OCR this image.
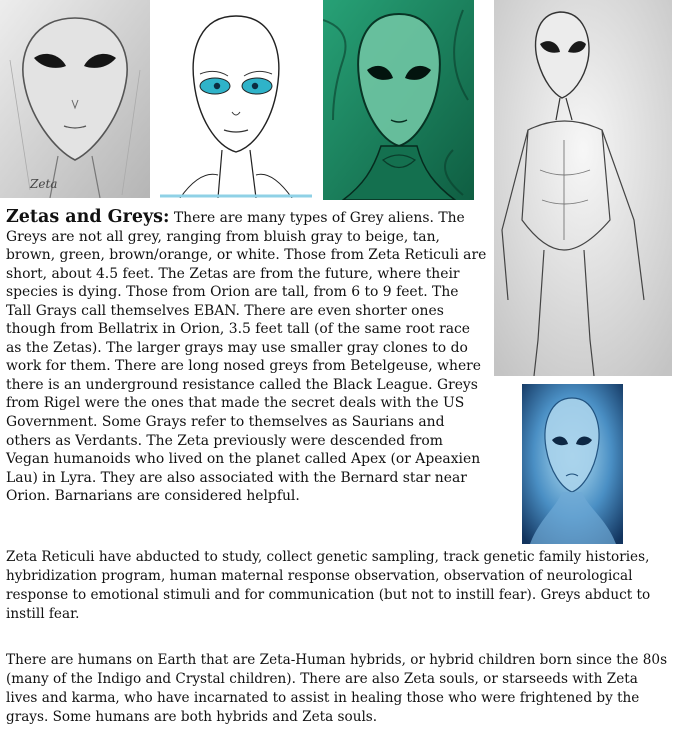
Zeta

Zetas and Greys: There are many types of Grey aliens. The Greys are not all grey, ranging from bluish gray to beige, tan, brown, green, brown/orange, or white. Those from Zeta Reticuli are short, about 4.5 feet. The Zetas are from the future, where their species is dying. Those from Orion are tall, from 6 to 9 feet. The Tall Grays call themselves EBAN. There are even shorter ones though from Bellatrix in Orion, 3.5 feet tall (of the same root race as the Zetas). The larger grays may use smaller gray clones to do work for them. There are long nosed greys from Betelgeuse, where there is an underground resistance called the Black League. Greys from Rigel were the ones that made the secret deals with the US Government. Some Grays refer to themselves as Saurians and others as Verdants. The Zeta previously were descended from Vegan humanoids who lived on the planet called Apex (or Apeaxien Lau) in Lyra. They are also associated with the Bernard star near Orion. Barnarians are considered helpful.

Zeta Reticuli have abducted to study, collect genetic sampling, track genetic family histories, hybridization program, human maternal response observation, observation of neurological response to emotional stimuli and for communication (but not to instill fear). Greys abduct to instill fear.

There are humans on Earth that are Zeta-Human hybrids, or hybrid children born since the 80s (many of the Indigo and Crystal children). There are also Zeta souls, or starseeds with Zeta lives and karma, who have incarnated to assist in healing those who were frightened by the grays. Some humans are both hybrids and Zeta souls.
